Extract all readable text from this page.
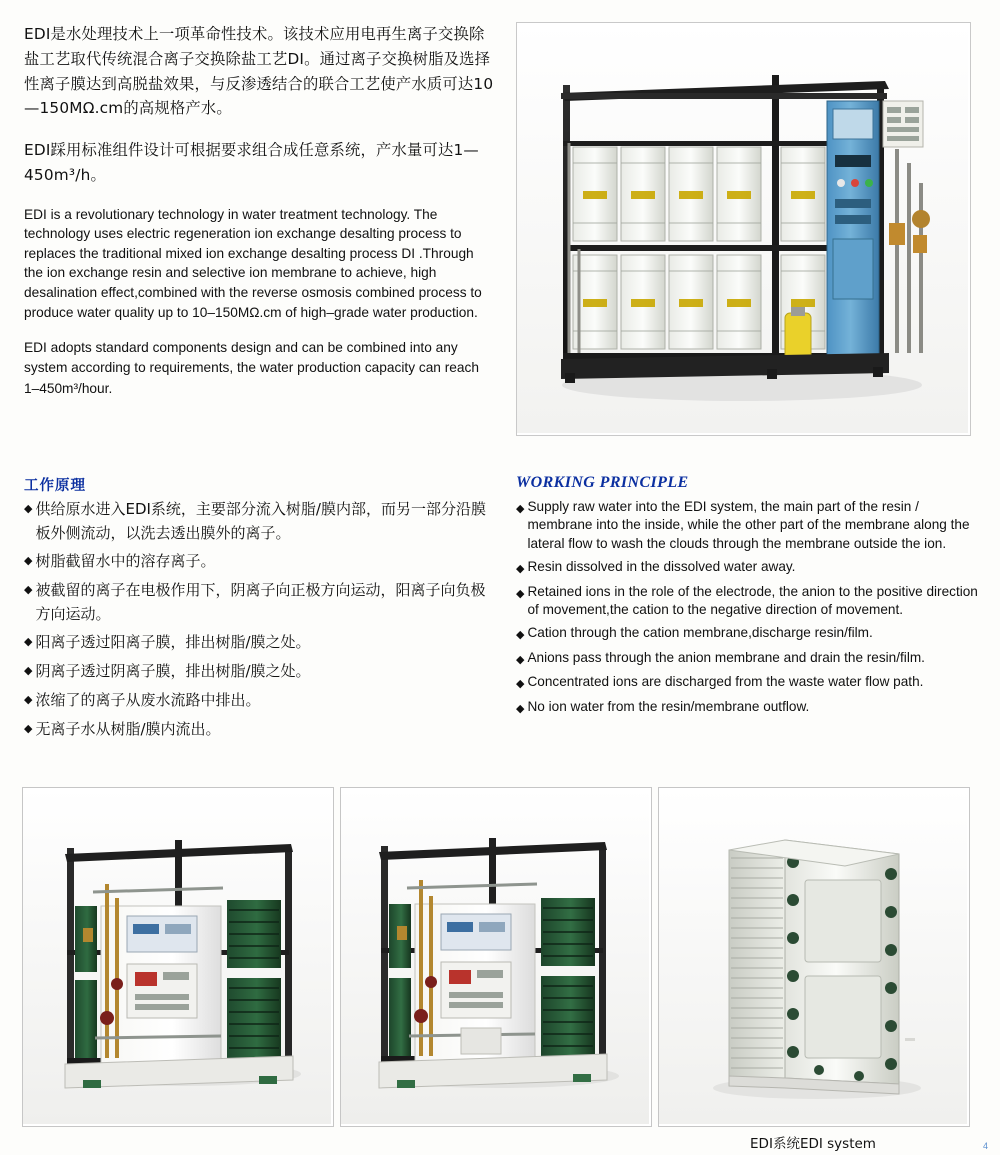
EDI是水处理技术上一项革命性技术。该技术应用电再生离子交换除盐工艺取代传统混合离子交换除盐工艺DI。通过离子交换树脂及选择性离子膜达到高脱盐效果，与反渗透结合的联合工艺使产水质可达10—150MΩ.cm的高规格产水。

EDI踩用标准组件设计可根据要求组合成任意系统，产水量可达1—450m³/h。

EDI is a revolutionary technology in water treatment technology. The technology uses electric regeneration ion exchange desalting process to replaces the traditional mixed ion exchange desalting process DI .Through the ion exchange resin and selective ion membrane to achieve, high desalination effect,combined with the reverse osmosis combined process to produce water quality up to 10–150MΩ.cm of high–grade water production.

EDI adopts standard components design and can be combined into any system according to requirements, the water production capacity can reach 1–450m³/hour.

工作原理	WORKING PRINCIPLE
◆ 供给原水进入EDI系统，主要部分流入树脂/膜内部，而另一部分沿膜板外侧流动，以洗去透出膜外的离子。
◆ 树脂截留水中的溶存离子。
◆ 被截留的离子在电极作用下，阴离子向正极方向运动，阳离子向负极方向运动。
◆ 阳离子透过阳离子膜，排出树脂/膜之处。
◆ 阴离子透过阴离子膜，排出树脂/膜之处。
◆ 浓缩了的离子从废水流路中排出。
◆ 无离子水从树脂/膜内流出。
◆ Supply raw water into the EDI system, the main part of the resin / membrane into the inside, while the other part of the membrane along the lateral flow to wash the clouds through the membrane outside the ion.
◆ Resin dissolved in the dissolved water away.
◆ Retained ions in the role of the electrode, the anion to the positive direction of movement,the cation to the negative direction of movement.
◆ Cation through the cation membrane,discharge resin/film.
◆ Anions pass through the anion membrane and drain the resin/film.
◆ Concentrated ions are discharged from the waste water flow path.
◆ No ion water from the resin/membrane outflow.
EDI系统EDI system	4
